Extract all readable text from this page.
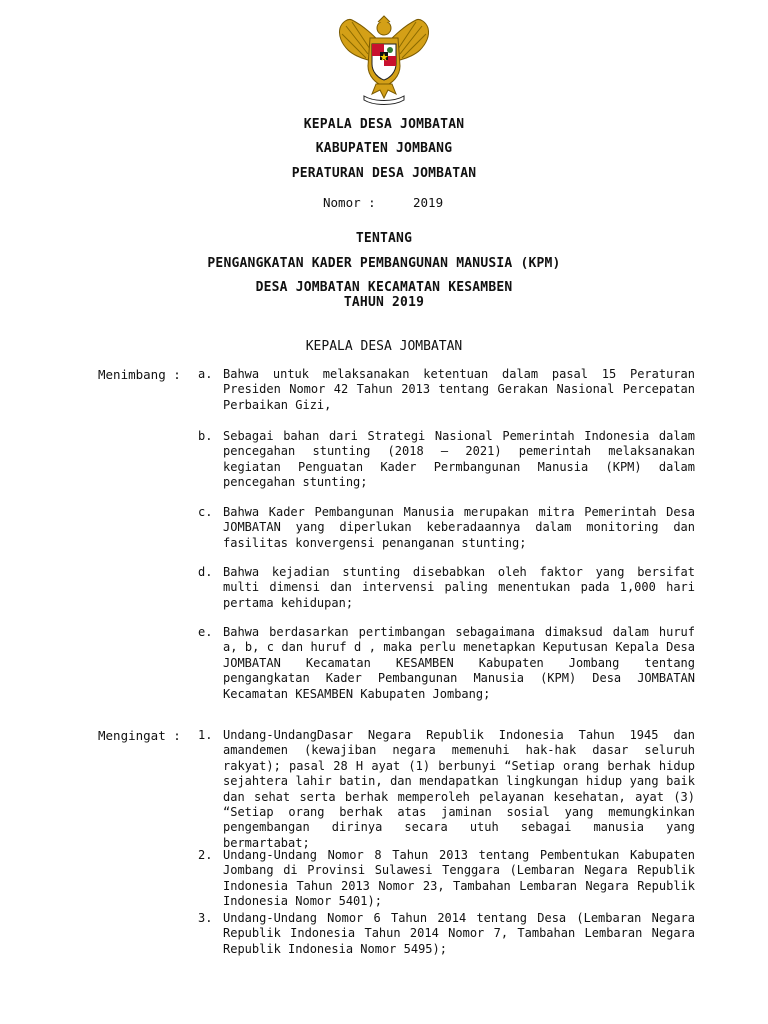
KEPALA DESA JOMBATAN
KABUPATEN JOMBANG
PERATURAN DESA JOMBATAN
Nomor :	2019
TENTANG
PENGANGKATAN KADER PEMBANGUNAN MANUSIA (KPM)
DESA JOMBATAN KECAMATAN KESAMBEN
TAHUN 2019
KEPALA DESA JOMBATAN
Menimbang : a. Bahwa untuk melaksanakan ketentuan dalam pasal 15 Peraturan Presiden Nomor 42 Tahun 2013 tentang Gerakan Nasional Percepatan Perbaikan Gizi,
b. Sebagai bahan dari Strategi Nasional Pemerintah Indonesia dalam pencegahan stunting (2018 – 2021) pemerintah melaksanakan kegiatan Penguatan Kader Permbangunan Manusia (KPM) dalam pencegahan stunting;
c. Bahwa Kader Pembangunan Manusia merupakan mitra Pemerintah Desa JOMBATAN yang diperlukan keberadaannya dalam monitoring dan fasilitas konvergensi penanganan stunting;
d. Bahwa kejadian stunting disebabkan oleh faktor yang bersifat multi dimensi dan intervensi paling menentukan pada 1,000 hari pertama kehidupan;
e. Bahwa berdasarkan pertimbangan sebagaimana dimaksud dalam huruf a, b, c dan huruf d , maka perlu menetapkan Keputusan Kepala Desa JOMBATAN Kecamatan KESAMBEN Kabupaten Jombang tentang pengangkatan Kader Pembangunan Manusia (KPM) Desa JOMBATAN Kecamatan KESAMBEN Kabupaten Jombang;
Mengingat : 1. Undang-UndangDasar Negara Republik Indonesia Tahun 1945 dan amandemen (kewajiban negara memenuhi hak-hak dasar seluruh rakyat); pasal 28 H ayat (1) berbunyi “Setiap orang berhak hidup sejahtera lahir batin, dan mendapatkan lingkungan hidup yang baik dan sehat serta berhak memperoleh pelayanan kesehatan, ayat (3) “Setiap orang berhak atas jaminan sosial yang memungkinkan pengembangan dirinya secara utuh sebagai manusia yang bermartabat;
2. Undang-Undang Nomor 8 Tahun 2013 tentang Pembentukan Kabupaten Jombang di Provinsi Sulawesi Tenggara (Lembaran Negara Republik Indonesia Tahun 2013 Nomor 23, Tambahan Lembaran Negara Republik Indonesia Nomor 5401);
3. Undang-Undang Nomor 6 Tahun 2014 tentang Desa (Lembaran Negara Republik Indonesia Tahun 2014 Nomor 7, Tambahan Lembaran Negara Republik Indonesia Nomor 5495);
